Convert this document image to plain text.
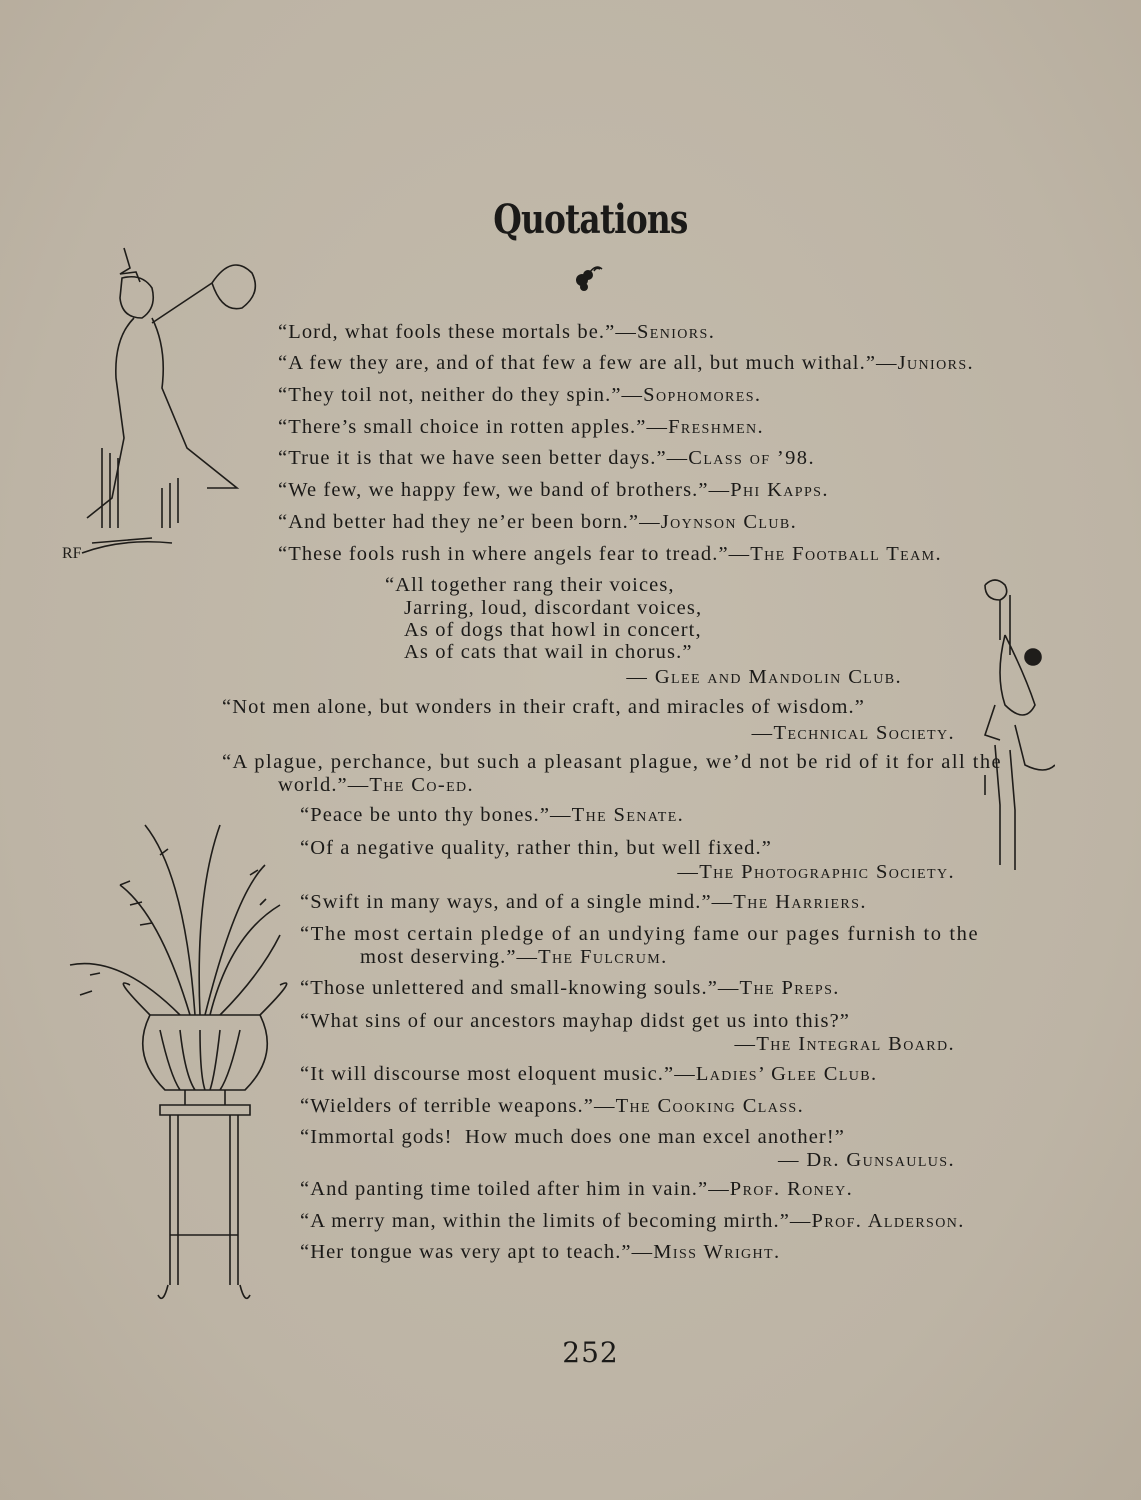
Quotations
RF
“Lord, what fools these mortals be.”—Seniors.
“A few they are, and of that few a few are all, but much withal.”—Juniors.
“They toil not, neither do they spin.”—Sophomores.
“There’s small choice in rotten apples.”—Freshmen.
“True it is that we have seen better days.”—Class of ’98.
“We few, we happy few, we band of brothers.”—Phi Kapps.
“And better had they ne’er been born.”—Joynson Club.
“These fools rush in where angels fear to tread.”—The Football Team.
“All together rang their voices,
Jarring, loud, discordant voices,
As of dogs that howl in concert,
As of cats that wail in chorus.”
— Glee and Mandolin Club.
“Not men alone, but wonders in their craft, and miracles of wisdom.”
—Technical Society.
“A plague, perchance, but such a pleasant plague, we’d not be rid of it for all the
world.”—The Co-ed.
“Peace be unto thy bones.”—The Senate.
“Of a negative quality, rather thin, but well fixed.”
—The Photographic Society.
“Swift in many ways, and of a single mind.”—The Harriers.
“The most certain pledge of an undying fame our pages furnish to the
most deserving.”—The Fulcrum.
“Those unlettered and small-knowing souls.”—The Preps.
“What sins of our ancestors mayhap didst get us into this?”
—The Integral Board.
“It will discourse most eloquent music.”—Ladies’ Glee Club.
“Wielders of terrible weapons.”—The Cooking Class.
“Immortal gods!  How much does one man excel another!”
— Dr. Gunsaulus.
“And panting time toiled after him in vain.”—Prof. Roney.
“A merry man, within the limits of becoming mirth.”—Prof. Alderson.
“Her tongue was very apt to teach.”—Miss Wright.
252
